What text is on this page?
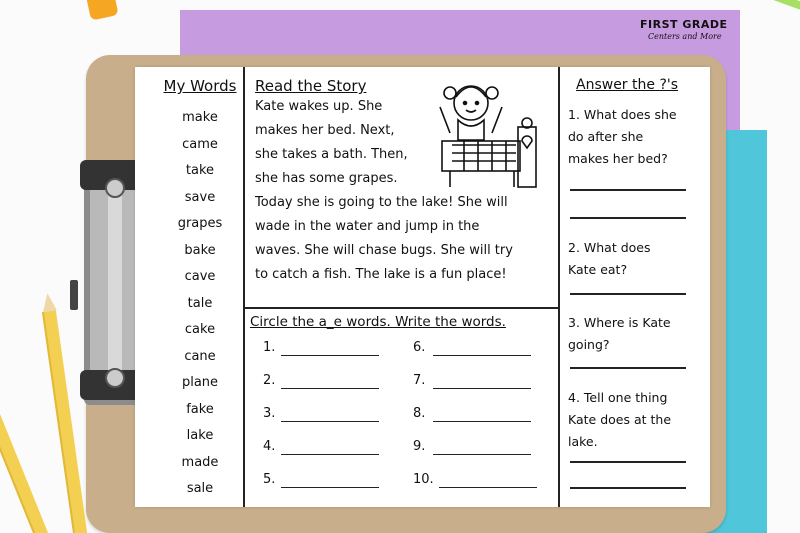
FIRST GRADE
Centers and More
My Words
make
came
take
save
grapes
bake
cave
tale
cake
cane
plane
fake
lake
made
sale
Read the Story
Kate wakes up. She
makes her bed. Next,
she takes a bath. Then,
she has some grapes.
Today she is going to the lake! She will
wade in the water and jump in the
waves. She will chase bugs. She will try
to catch a fish. The lake is a fun place!
Circle the a_e words. Write the words.
1.
2.
3.
4.
5.
6.
7.
8.
9.
10.
Answer the ?'s
1. What does she
do after she
makes her bed?
2. What does
Kate eat?
3. Where is Kate
going?
4. Tell one thing
Kate does at the
lake.
